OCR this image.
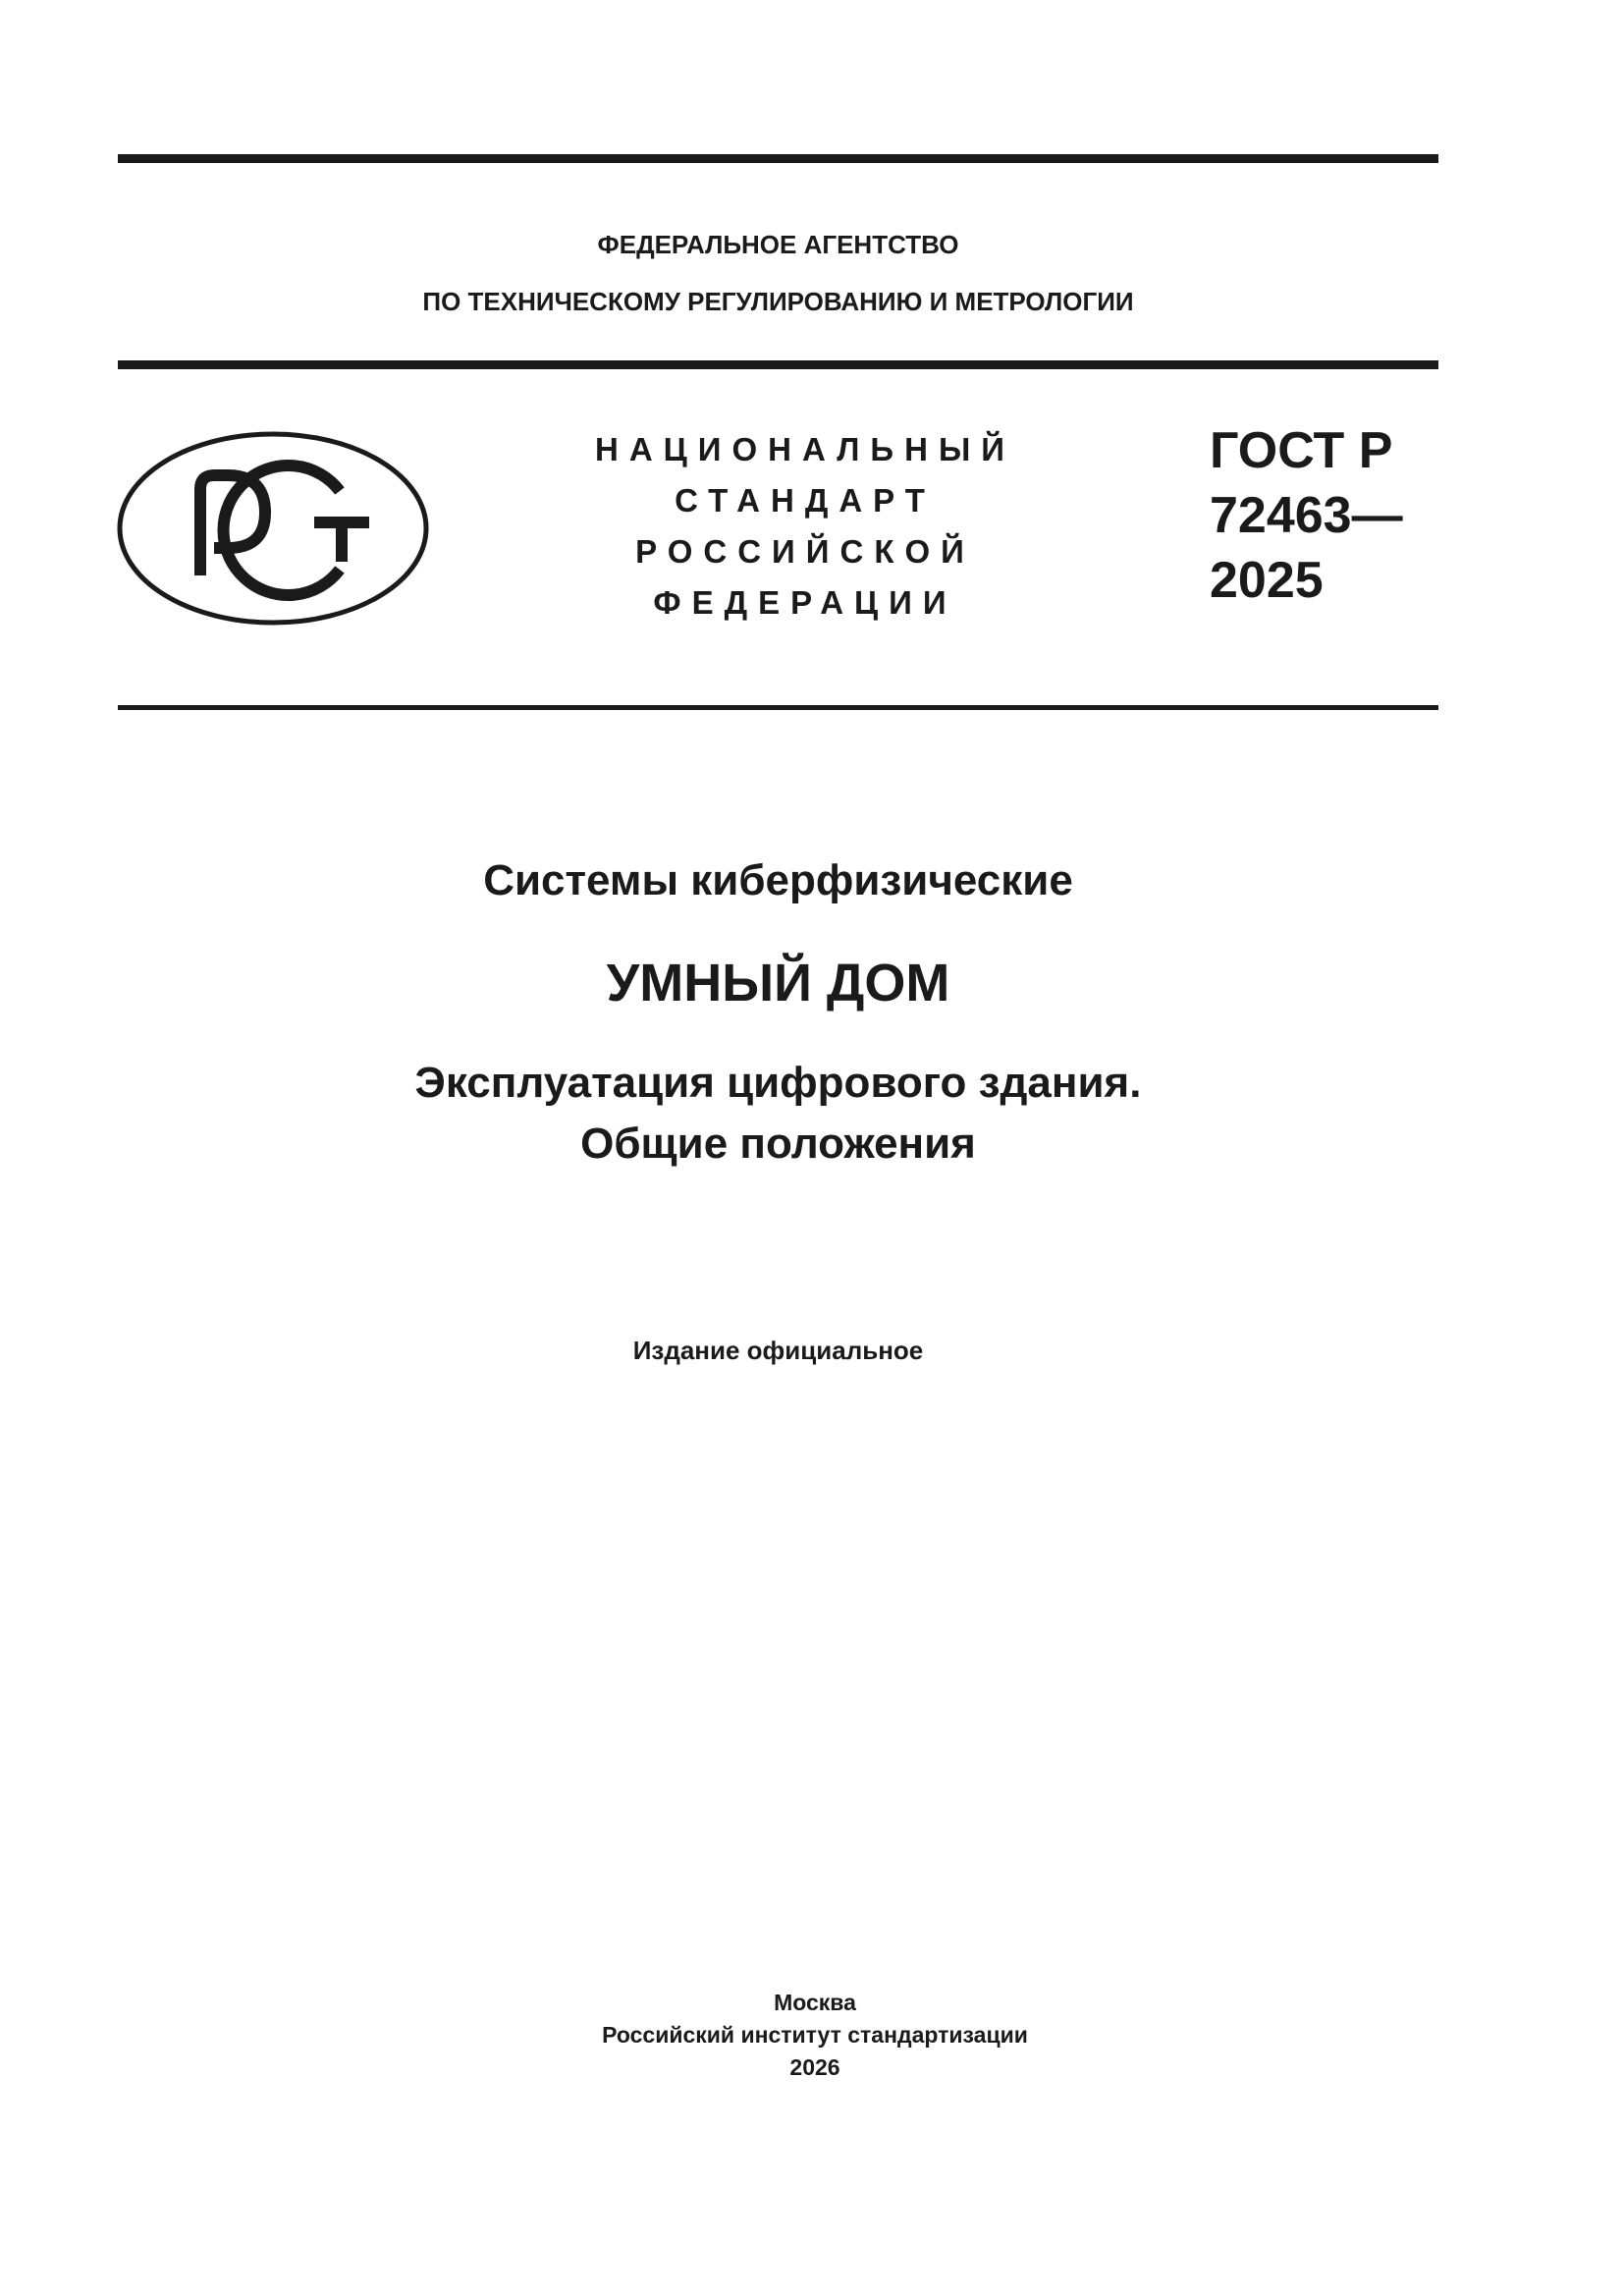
ФЕДЕРАЛЬНОЕ АГЕНТСТВО
ПО ТЕХНИЧЕСКОМУ РЕГУЛИРОВАНИЮ И МЕТРОЛОГИИ
НАЦИОНАЛЬНЫЙ
СТАНДАРТ
РОССИЙСКОЙ
ФЕДЕРАЦИИ
ГОСТ Р
72463—
2025
Системы киберфизические
УМНЫЙ ДОМ
Эксплуатация цифрового здания.
Общие положения
Издание официальное
Москва
Российский институт стандартизации
2026
